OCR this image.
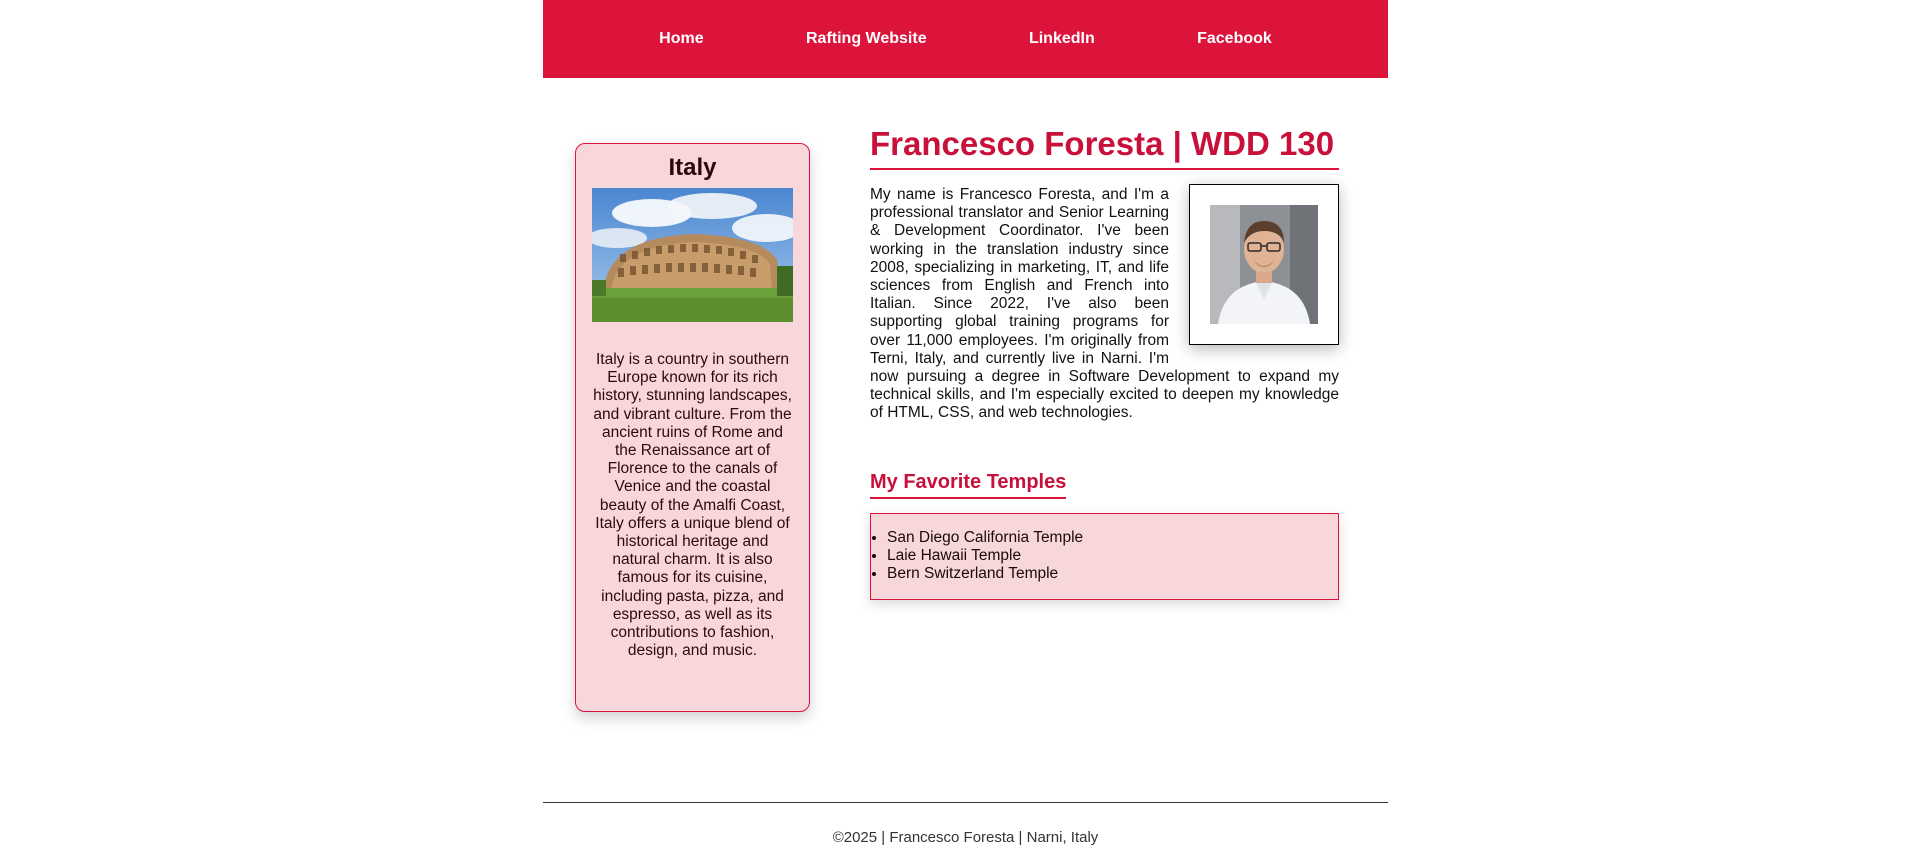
Home	Rafting Website	LinkedIn	Facebook
Italy

Italy is a country in southern Europe known for its rich history, stunning landscapes, and vibrant culture. From the ancient ruins of Rome and the Renaissance art of Florence to the canals of Venice and the coastal beauty of the Amalfi Coast, Italy offers a unique blend of historical heritage and natural charm. It is also famous for its cuisine, including pasta, pizza, and espresso, as well as its contributions to fashion, design, and music.

Francesco Foresta | WDD 130
My name is Francesco Foresta, and I'm a professional translator and Senior Learning & Development Coordinator. I've been working in the translation industry since 2008, specializing in marketing, IT, and life sciences from English and French into Italian. Since 2022, I've also been supporting global training programs for over 11,000 employees. I'm originally from Terni, Italy, and currently live in Narni. I'm now pursuing a degree in Software Development to expand my technical skills, and I'm especially excited to deepen my knowledge of HTML, CSS, and web technologies.
My Favorite Temples
• San Diego California Temple
• Laie Hawaii Temple
• Bern Switzerland Temple
©2025 | Francesco Foresta | Narni, Italy
